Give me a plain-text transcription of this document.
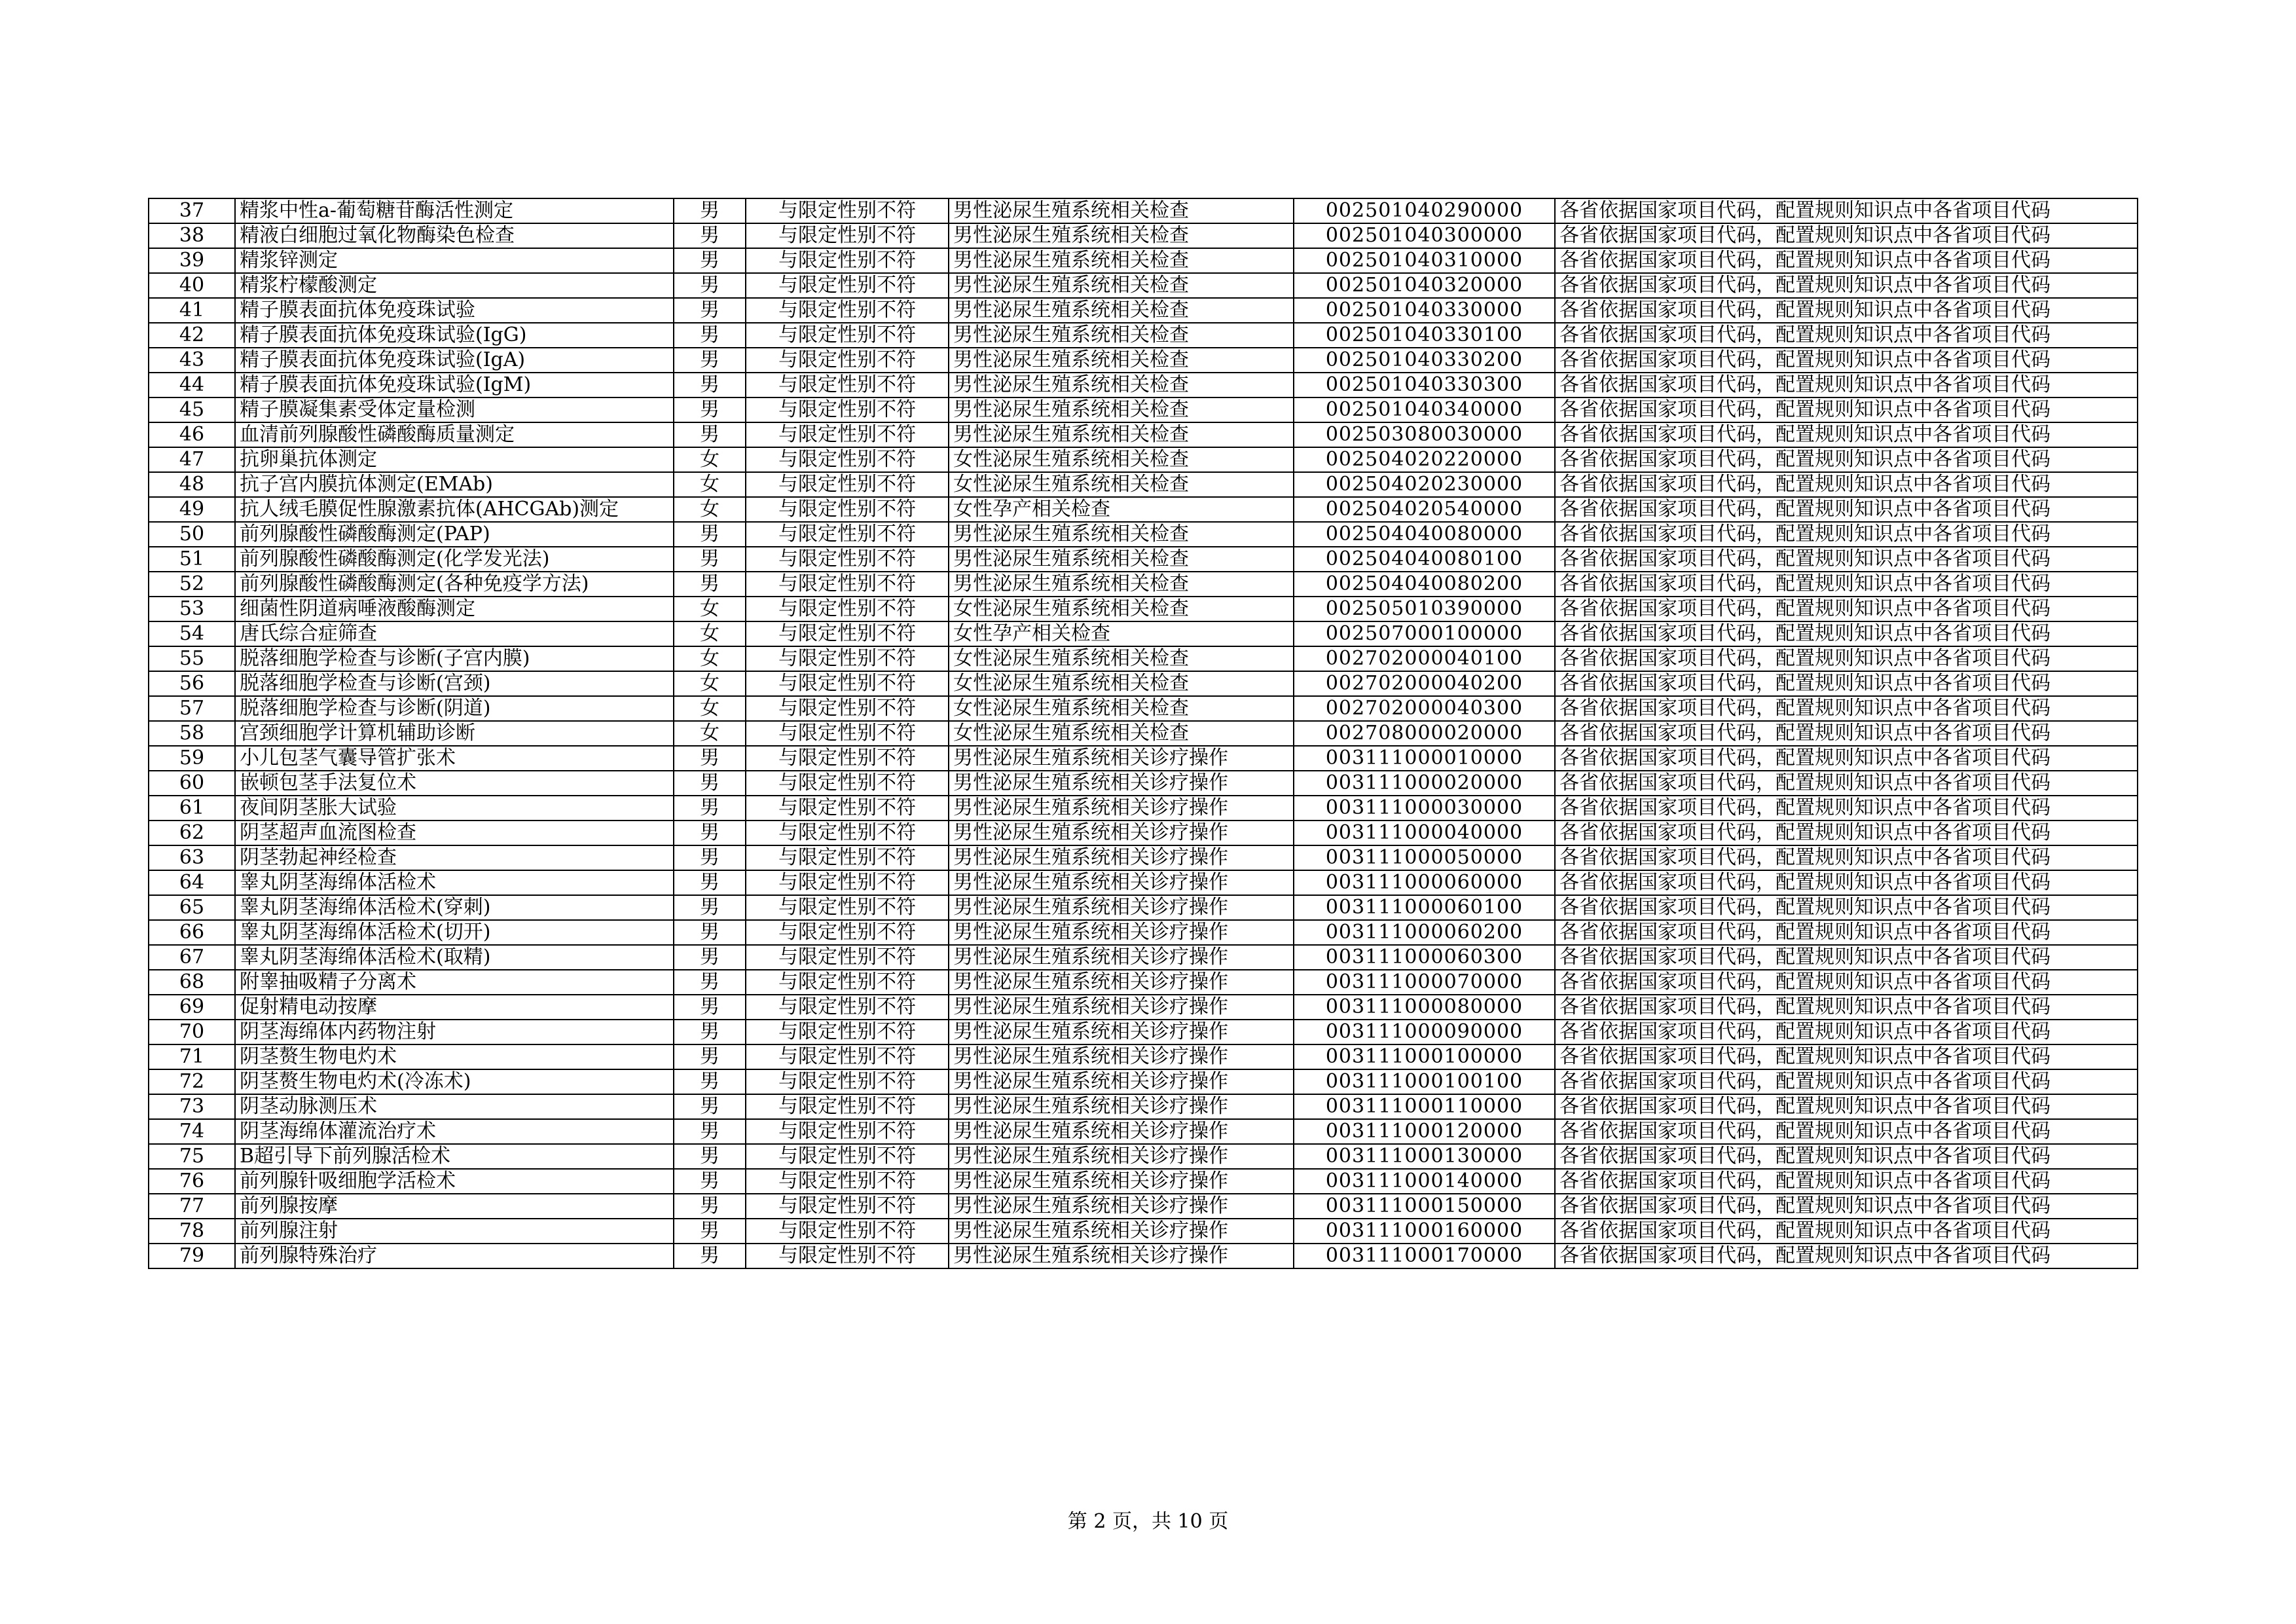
37	精浆中性a-葡萄糖苷酶活性测定	男	与限定性别不符	男性泌尿生殖系统相关检查	002501040290000	各省依据国家项目代码，配置规则知识点中各省项目代码
38	精液白细胞过氧化物酶染色检查	男	与限定性别不符	男性泌尿生殖系统相关检查	002501040300000	各省依据国家项目代码，配置规则知识点中各省项目代码
39	精浆锌测定	男	与限定性别不符	男性泌尿生殖系统相关检查	002501040310000	各省依据国家项目代码，配置规则知识点中各省项目代码
40	精浆柠檬酸测定	男	与限定性别不符	男性泌尿生殖系统相关检查	002501040320000	各省依据国家项目代码，配置规则知识点中各省项目代码
41	精子膜表面抗体免疫珠试验	男	与限定性别不符	男性泌尿生殖系统相关检查	002501040330000	各省依据国家项目代码，配置规则知识点中各省项目代码
42	精子膜表面抗体免疫珠试验(IgG)	男	与限定性别不符	男性泌尿生殖系统相关检查	002501040330100	各省依据国家项目代码，配置规则知识点中各省项目代码
43	精子膜表面抗体免疫珠试验(IgA)	男	与限定性别不符	男性泌尿生殖系统相关检查	002501040330200	各省依据国家项目代码，配置规则知识点中各省项目代码
44	精子膜表面抗体免疫珠试验(IgM)	男	与限定性别不符	男性泌尿生殖系统相关检查	002501040330300	各省依据国家项目代码，配置规则知识点中各省项目代码
45	精子膜凝集素受体定量检测	男	与限定性别不符	男性泌尿生殖系统相关检查	002501040340000	各省依据国家项目代码，配置规则知识点中各省项目代码
46	血清前列腺酸性磷酸酶质量测定	男	与限定性别不符	男性泌尿生殖系统相关检查	002503080030000	各省依据国家项目代码，配置规则知识点中各省项目代码
47	抗卵巢抗体测定	女	与限定性别不符	女性泌尿生殖系统相关检查	002504020220000	各省依据国家项目代码，配置规则知识点中各省项目代码
48	抗子宫内膜抗体测定(EMAb)	女	与限定性别不符	女性泌尿生殖系统相关检查	002504020230000	各省依据国家项目代码，配置规则知识点中各省项目代码
49	抗人绒毛膜促性腺激素抗体(AHCGAb)测定	女	与限定性别不符	女性孕产相关检查	002504020540000	各省依据国家项目代码，配置规则知识点中各省项目代码
50	前列腺酸性磷酸酶测定(PAP)	男	与限定性别不符	男性泌尿生殖系统相关检查	002504040080000	各省依据国家项目代码，配置规则知识点中各省项目代码
51	前列腺酸性磷酸酶测定(化学发光法)	男	与限定性别不符	男性泌尿生殖系统相关检查	002504040080100	各省依据国家项目代码，配置规则知识点中各省项目代码
52	前列腺酸性磷酸酶测定(各种免疫学方法)	男	与限定性别不符	男性泌尿生殖系统相关检查	002504040080200	各省依据国家项目代码，配置规则知识点中各省项目代码
53	细菌性阴道病唾液酸酶测定	女	与限定性别不符	女性泌尿生殖系统相关检查	002505010390000	各省依据国家项目代码，配置规则知识点中各省项目代码
54	唐氏综合症筛查	女	与限定性别不符	女性孕产相关检查	002507000100000	各省依据国家项目代码，配置规则知识点中各省项目代码
55	脱落细胞学检查与诊断(子宫内膜)	女	与限定性别不符	女性泌尿生殖系统相关检查	002702000040100	各省依据国家项目代码，配置规则知识点中各省项目代码
56	脱落细胞学检查与诊断(宫颈)	女	与限定性别不符	女性泌尿生殖系统相关检查	002702000040200	各省依据国家项目代码，配置规则知识点中各省项目代码
57	脱落细胞学检查与诊断(阴道)	女	与限定性别不符	女性泌尿生殖系统相关检查	002702000040300	各省依据国家项目代码，配置规则知识点中各省项目代码
58	宫颈细胞学计算机辅助诊断	女	与限定性别不符	女性泌尿生殖系统相关检查	002708000020000	各省依据国家项目代码，配置规则知识点中各省项目代码
59	小儿包茎气囊导管扩张术	男	与限定性别不符	男性泌尿生殖系统相关诊疗操作	003111000010000	各省依据国家项目代码，配置规则知识点中各省项目代码
60	嵌顿包茎手法复位术	男	与限定性别不符	男性泌尿生殖系统相关诊疗操作	003111000020000	各省依据国家项目代码，配置规则知识点中各省项目代码
61	夜间阴茎胀大试验	男	与限定性别不符	男性泌尿生殖系统相关诊疗操作	003111000030000	各省依据国家项目代码，配置规则知识点中各省项目代码
62	阴茎超声血流图检查	男	与限定性别不符	男性泌尿生殖系统相关诊疗操作	003111000040000	各省依据国家项目代码，配置规则知识点中各省项目代码
63	阴茎勃起神经检查	男	与限定性别不符	男性泌尿生殖系统相关诊疗操作	003111000050000	各省依据国家项目代码，配置规则知识点中各省项目代码
64	睾丸阴茎海绵体活检术	男	与限定性别不符	男性泌尿生殖系统相关诊疗操作	003111000060000	各省依据国家项目代码，配置规则知识点中各省项目代码
65	睾丸阴茎海绵体活检术(穿刺)	男	与限定性别不符	男性泌尿生殖系统相关诊疗操作	003111000060100	各省依据国家项目代码，配置规则知识点中各省项目代码
66	睾丸阴茎海绵体活检术(切开)	男	与限定性别不符	男性泌尿生殖系统相关诊疗操作	003111000060200	各省依据国家项目代码，配置规则知识点中各省项目代码
67	睾丸阴茎海绵体活检术(取精)	男	与限定性别不符	男性泌尿生殖系统相关诊疗操作	003111000060300	各省依据国家项目代码，配置规则知识点中各省项目代码
68	附睾抽吸精子分离术	男	与限定性别不符	男性泌尿生殖系统相关诊疗操作	003111000070000	各省依据国家项目代码，配置规则知识点中各省项目代码
69	促射精电动按摩	男	与限定性别不符	男性泌尿生殖系统相关诊疗操作	003111000080000	各省依据国家项目代码，配置规则知识点中各省项目代码
70	阴茎海绵体内药物注射	男	与限定性别不符	男性泌尿生殖系统相关诊疗操作	003111000090000	各省依据国家项目代码，配置规则知识点中各省项目代码
71	阴茎赘生物电灼术	男	与限定性别不符	男性泌尿生殖系统相关诊疗操作	003111000100000	各省依据国家项目代码，配置规则知识点中各省项目代码
72	阴茎赘生物电灼术(冷冻术)	男	与限定性别不符	男性泌尿生殖系统相关诊疗操作	003111000100100	各省依据国家项目代码，配置规则知识点中各省项目代码
73	阴茎动脉测压术	男	与限定性别不符	男性泌尿生殖系统相关诊疗操作	003111000110000	各省依据国家项目代码，配置规则知识点中各省项目代码
74	阴茎海绵体灌流治疗术	男	与限定性别不符	男性泌尿生殖系统相关诊疗操作	003111000120000	各省依据国家项目代码，配置规则知识点中各省项目代码
75	B超引导下前列腺活检术	男	与限定性别不符	男性泌尿生殖系统相关诊疗操作	003111000130000	各省依据国家项目代码，配置规则知识点中各省项目代码
76	前列腺针吸细胞学活检术	男	与限定性别不符	男性泌尿生殖系统相关诊疗操作	003111000140000	各省依据国家项目代码，配置规则知识点中各省项目代码
77	前列腺按摩	男	与限定性别不符	男性泌尿生殖系统相关诊疗操作	003111000150000	各省依据国家项目代码，配置规则知识点中各省项目代码
78	前列腺注射	男	与限定性别不符	男性泌尿生殖系统相关诊疗操作	003111000160000	各省依据国家项目代码，配置规则知识点中各省项目代码
79	前列腺特殊治疗	男	与限定性别不符	男性泌尿生殖系统相关诊疗操作	003111000170000	各省依据国家项目代码，配置规则知识点中各省项目代码
第 2 页，共 10 页
